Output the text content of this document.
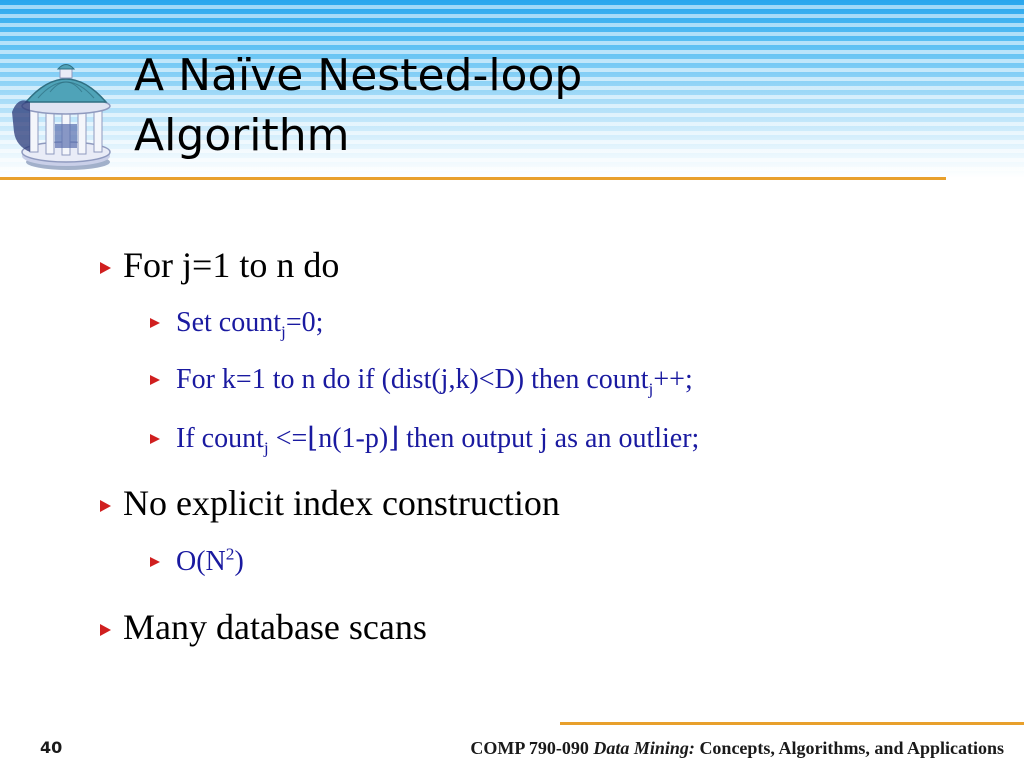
A Naïve Nested-loop
Algorithm
For j=1 to n do
Set count$_j$=0;
For k=1 to n do if (dist(j,k)<D) then count$_j$++;
If count$_j$ <=⌊n(1-p)⌋ then output j as an outlier;
No explicit index construction
$O(N^2)$
Many database scans
40	COMP 790-090 Data Mining: Concepts, Algorithms, and Applications
